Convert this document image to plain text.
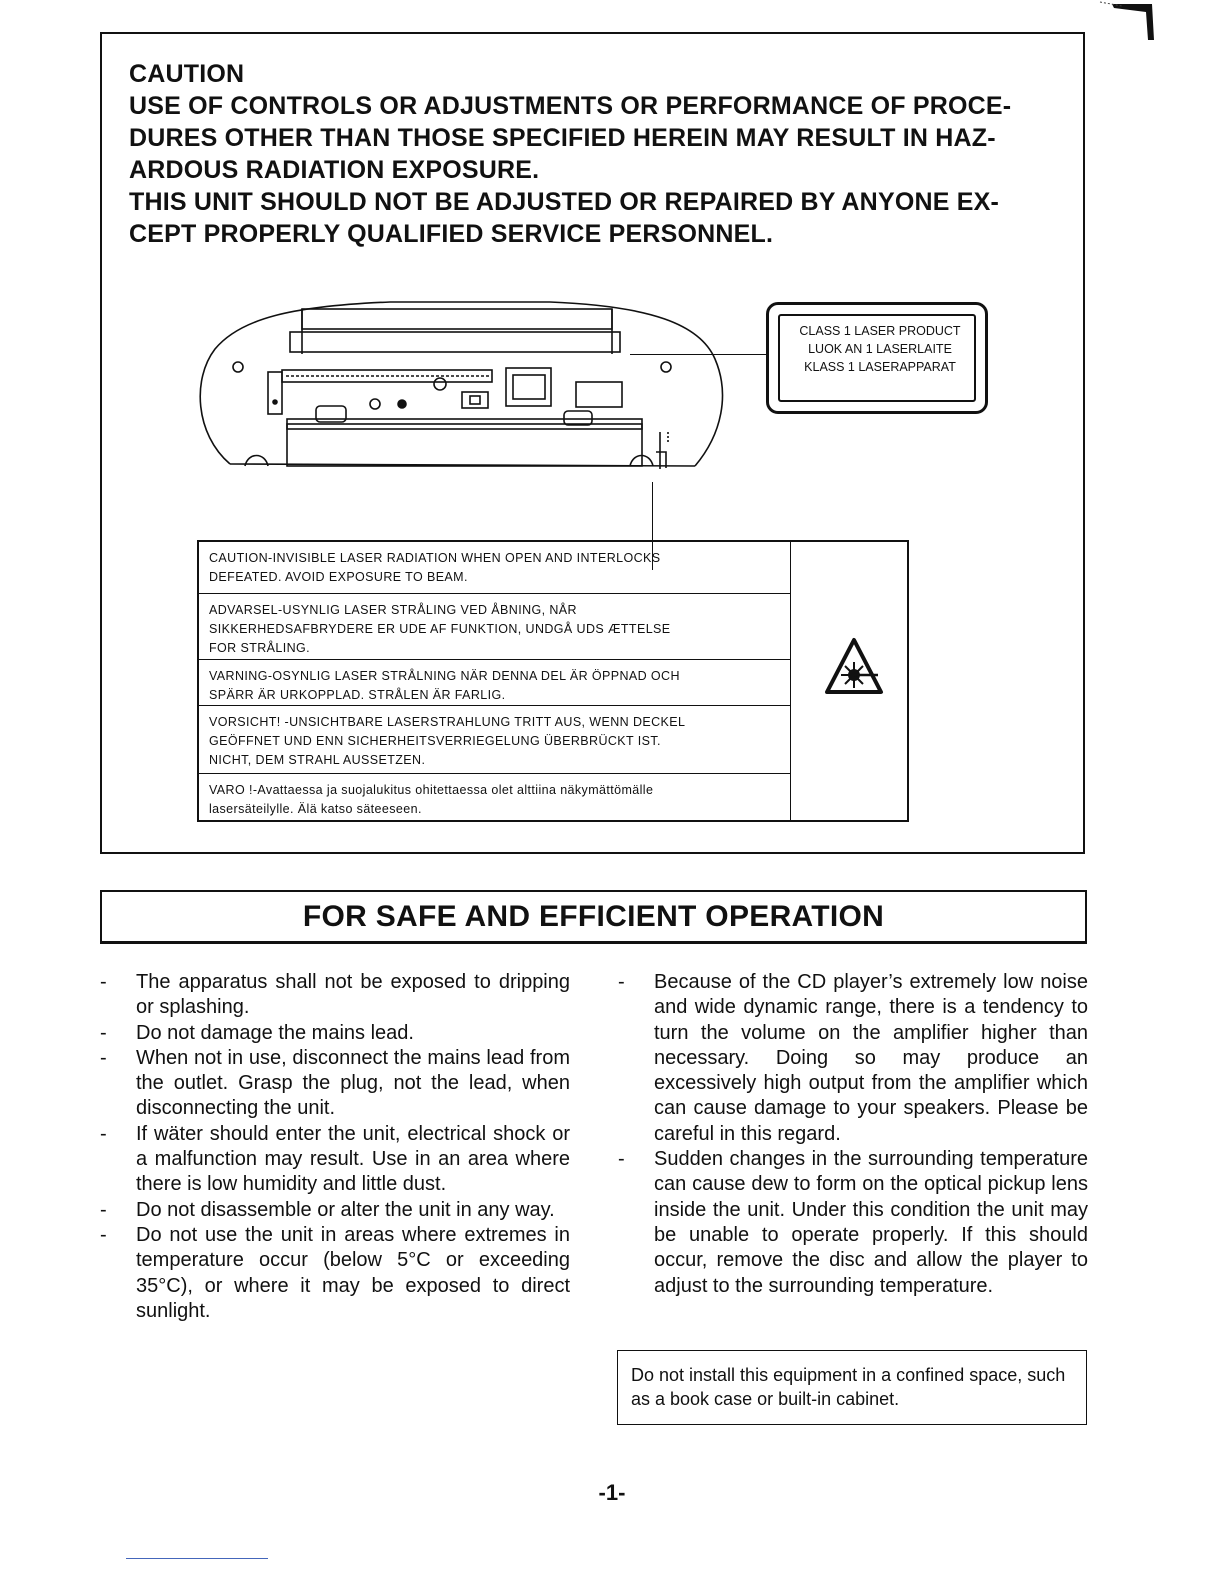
CAUTION
USE OF CONTROLS OR ADJUSTMENTS OR PERFORMANCE OF PROCE-
DURES OTHER THAN THOSE SPECIFIED HEREIN MAY RESULT IN HAZ-
ARDOUS RADIATION EXPOSURE.
THIS UNIT SHOULD NOT BE ADJUSTED OR REPAIRED BY ANYONE EX-
CEPT PROPERLY QUALIFIED SERVICE PERSONNEL.
CLASS 1 LASER PRODUCT
LUOK AN 1 LASERLAITE
KLASS 1 LASERAPPARAT
CAUTION-INVISIBLE LASER RADIATION WHEN OPEN AND INTERLOCKS
DEFEATED. AVOID EXPOSURE TO BEAM.
ADVARSEL-USYNLIG LASER STRÅLING VED ÅBNING, NÅR
SIKKERHEDSAFBRYDERE ER UDE AF FUNKTION, UNDGÅ UDS ÆTTELSE
FOR STRÅLING.
VARNING-OSYNLIG LASER STRÅLNING NÄR DENNA DEL ÄR ÖPPNAD OCH
SPÄRR ÄR URKOPPLAD. STRÅLEN ÄR FARLIG.
VORSICHT! -UNSICHTBARE LASERSTRAHLUNG TRITT AUS, WENN DECKEL
GEÖFFNET UND ENN SICHERHEITSVERRIEGELUNG ÜBERBRÜCKT IST.
NICHT, DEM STRAHL AUSSETZEN.
VARO !-Avattaessa ja suojalukitus ohitettaessa olet alttiina näkymättömälle
lasersäteilylle. Älä katso säteeseen.
FOR SAFE AND EFFICIENT OPERATION
- The apparatus shall not be exposed to dripping or splashing.
- Do not damage the mains lead.
- When not in use, disconnect the mains lead from the outlet. Grasp the plug, not the lead, when disconnecting the unit.
- If wäter should enter the unit, electrical shock or a malfunction may result. Use in an area where there is low humidity and little dust.
- Do not disassemble or alter the unit in any way.
- Do not use the unit in areas where extremes in temperature occur (below 5°C or exceeding 35°C), or where it may be exposed to direct sunlight.
- Because of the CD player’s extremely low noise and wide dynamic range, there is a tendency to turn the volume on the amplifier higher than necessary. Doing so may produce an excessively high output from the amplifier which can cause damage to your speakers. Please be careful in this regard.
- Sudden changes in the surrounding temperature can cause dew to form on the optical pickup lens inside the unit. Under this condition the unit may be unable to operate properly. If this should occur, remove the disc and allow the player to adjust to the surrounding temperature.
Do not install this equipment in a confined space, such as a book case or built-in cabinet.
-1-
